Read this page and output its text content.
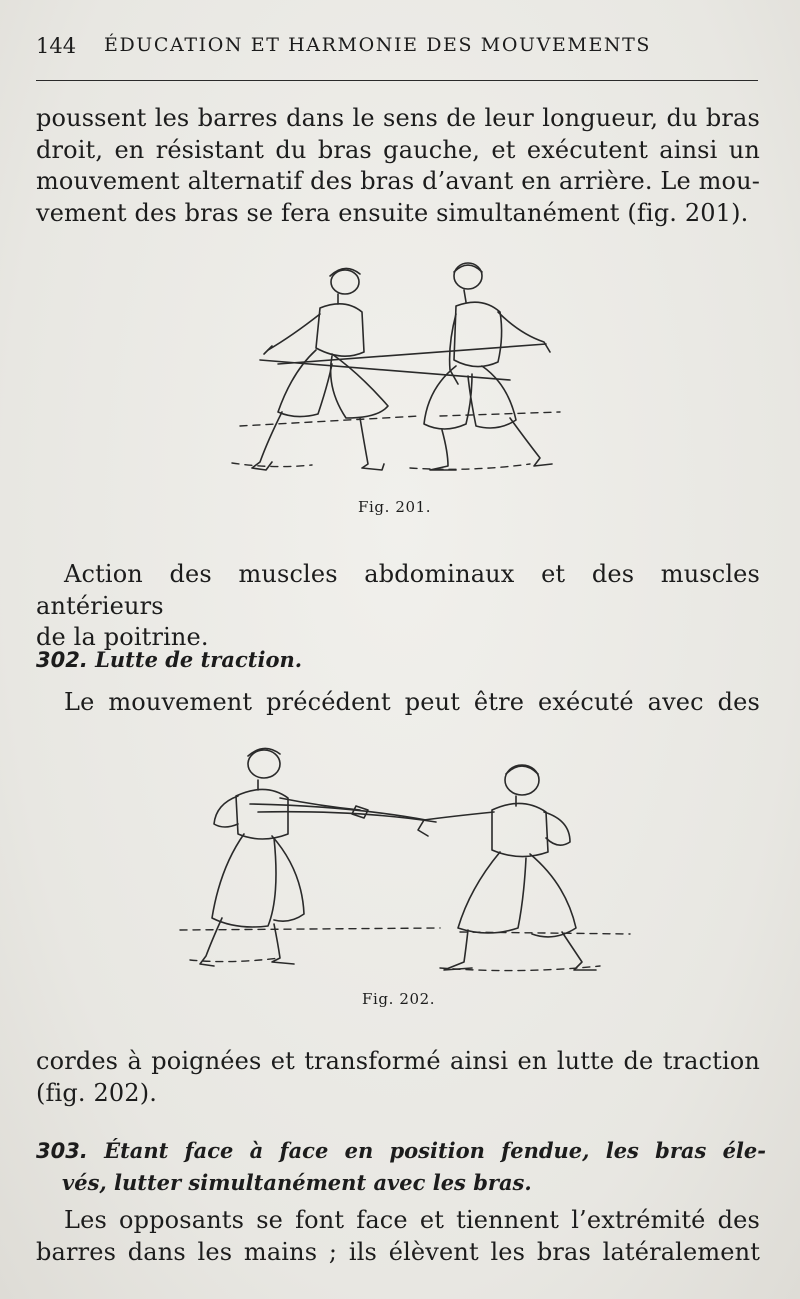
144 ÉDUCATION ET HARMONIE DES MOUVEMENTS

poussent les barres dans le sens de leur longueur, du bras
droit, en résistant du bras gauche, et exécutent ainsi un
mouvement alternatif des bras d’avant en arrière. Le mou-
vement des bras se fera ensuite simultanément (fig. 201).

Fig. 201.

Action des muscles abdominaux et des muscles antérieurs
de la poitrine.

302. Lutte de traction.

Le mouvement précédent peut être exécuté avec des

Fig. 202.

cordes à poignées et transformé ainsi en lutte de traction
(fig. 202).

303. Étant face à face en position fendue, les bras éle-
vés, lutter simultanément avec les bras.

Les opposants se font face et tiennent l’extrémité des
barres dans les mains ; ils élèvent les bras latéralement
